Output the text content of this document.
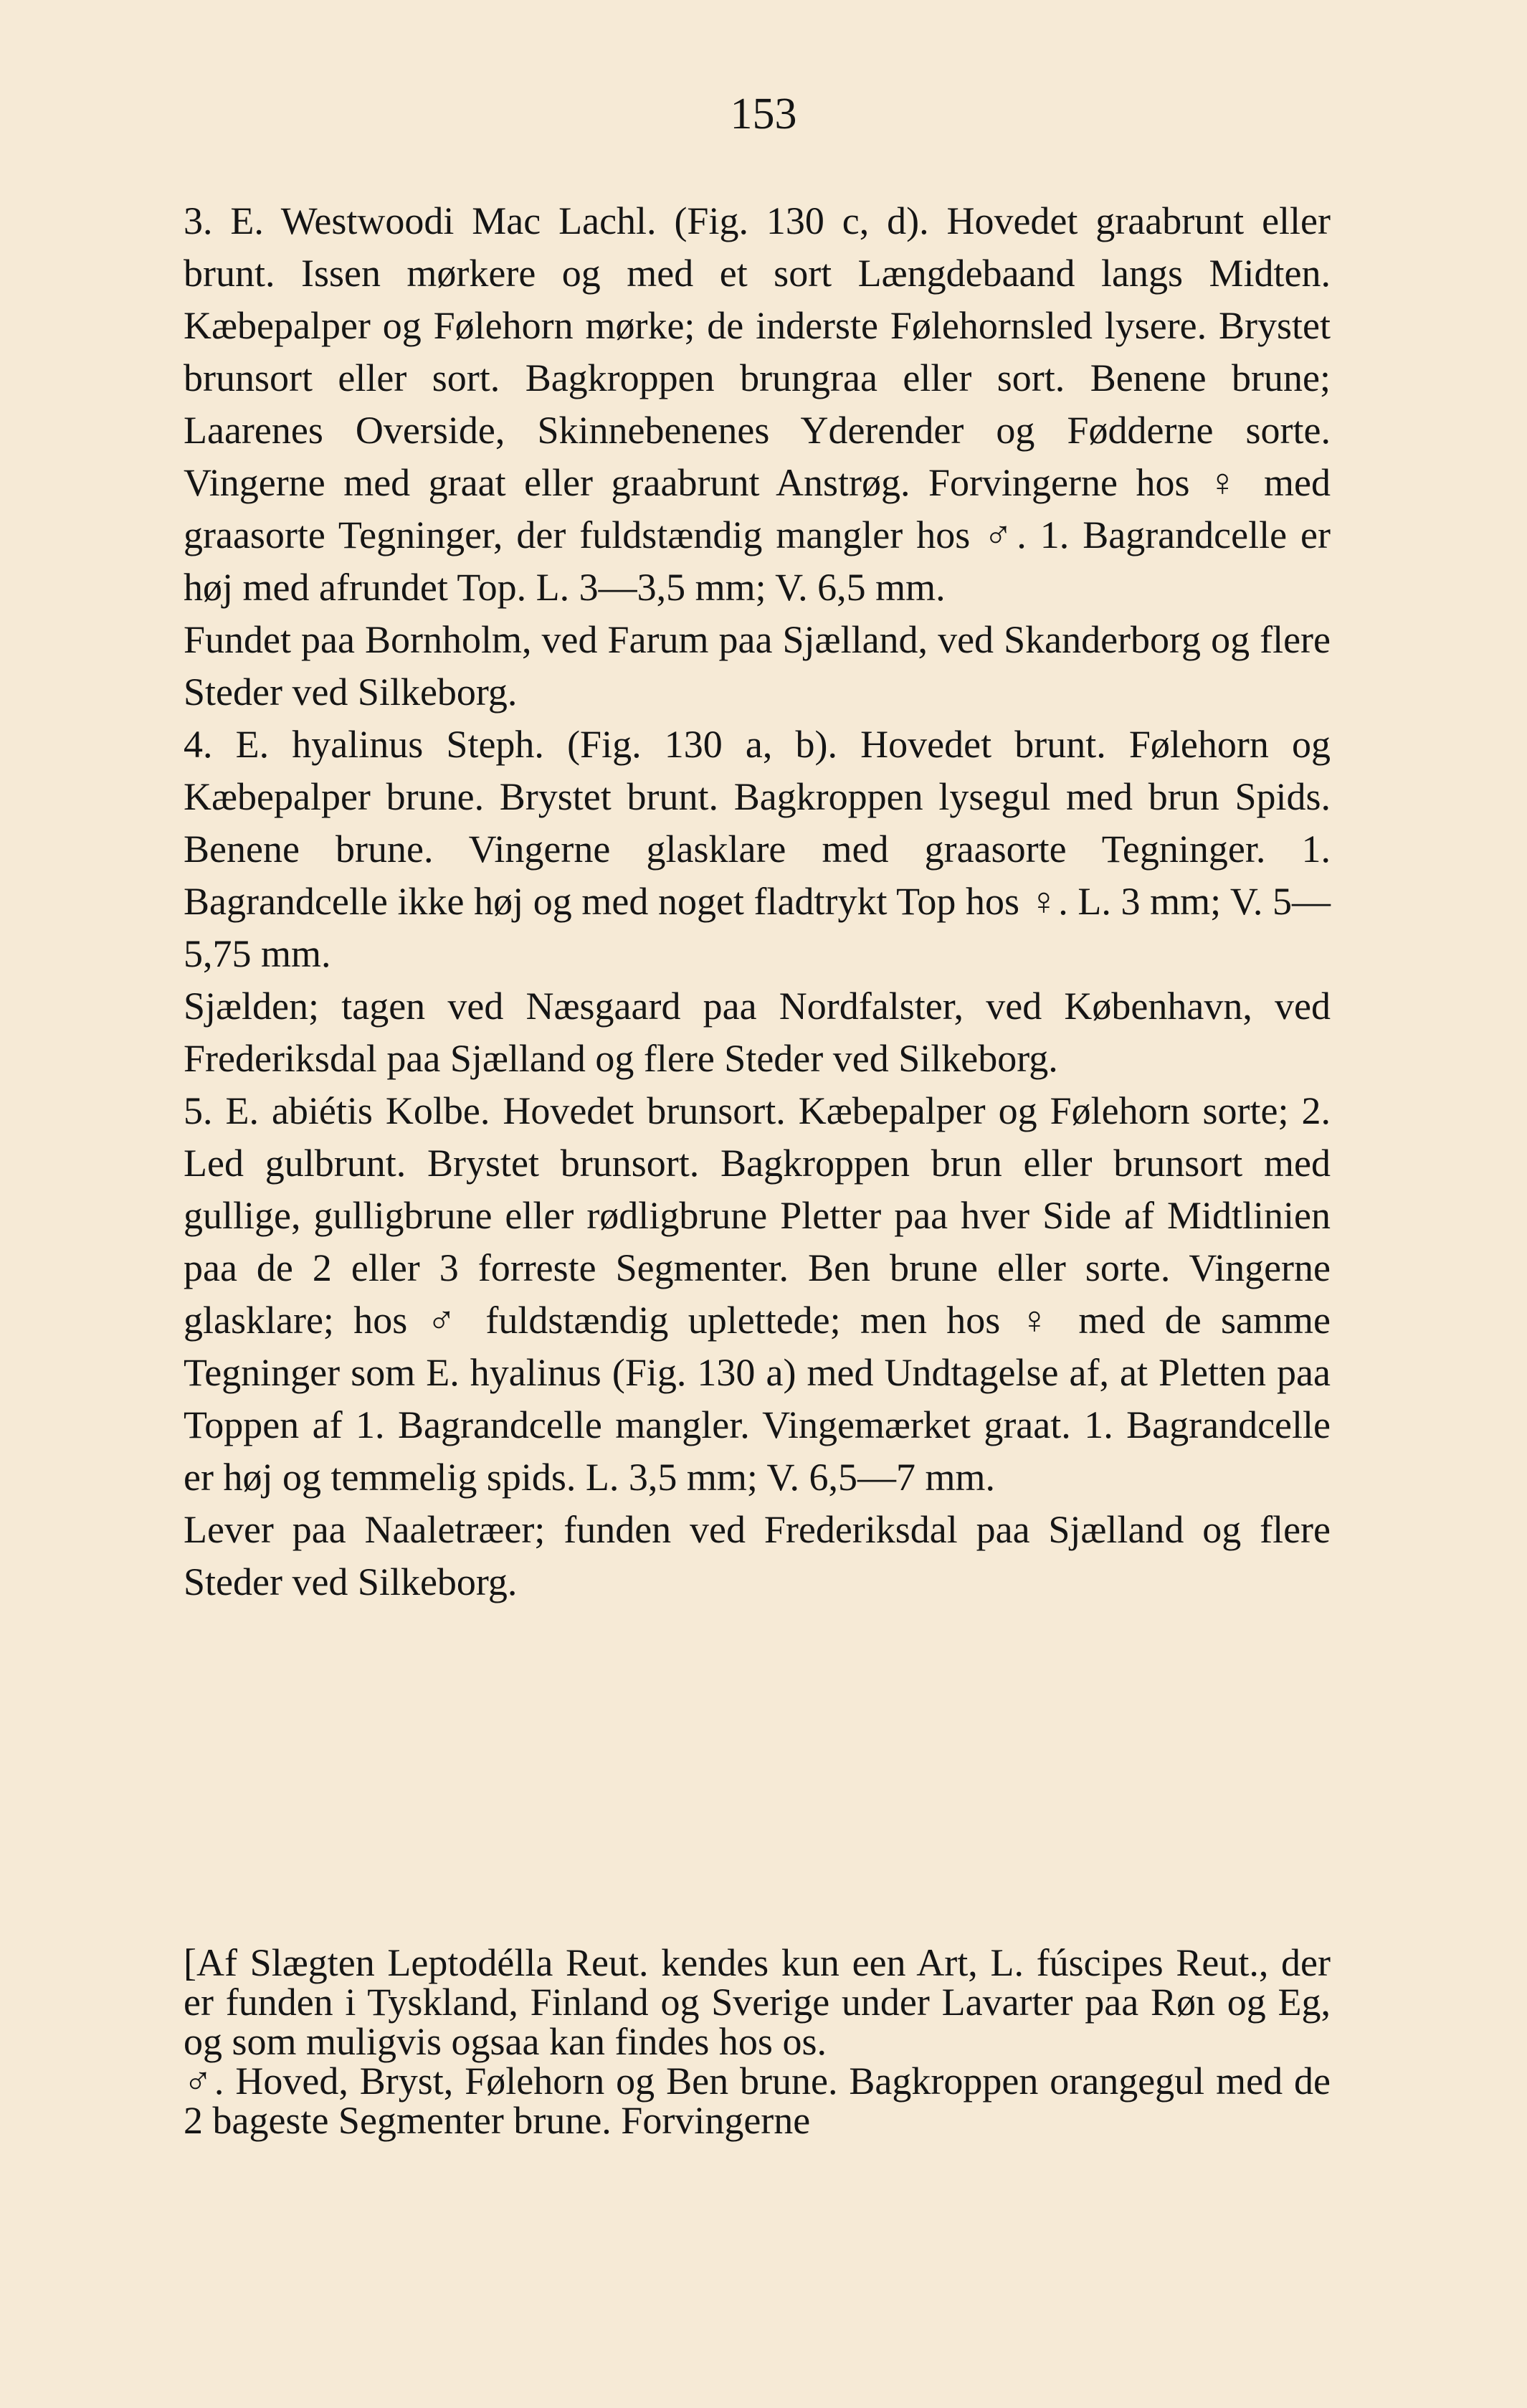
153

3. E. Westwoodi Mac Lachl. (Fig. 130 c, d). Hovedet graabrunt eller brunt. Issen mørkere og med et sort Længdebaand langs Midten. Kæbepalper og Følehorn mørke; de inderste Følehornsled lysere. Brystet brunsort eller sort. Bagkroppen brungraa eller sort. Benene brune; Laarenes Overside, Skinnebenenes Yderender og Fødderne sorte. Vingerne med graat eller graabrunt Anstrøg. Forvingerne hos ♀ med graasorte Tegninger, der fuldstændig mangler hos ♂. 1. Bagrandcelle er høj med afrundet Top. L. 3—3,5 mm; V. 6,5 mm.

Fundet paa Bornholm, ved Farum paa Sjælland, ved Skanderborg og flere Steder ved Silkeborg.

4. E. hyalinus Steph. (Fig. 130 a, b). Hovedet brunt. Følehorn og Kæbepalper brune. Brystet brunt. Bagkroppen lysegul med brun Spids. Benene brune. Vingerne glasklare med graasorte Tegninger. 1. Bagrandcelle ikke høj og med noget fladtrykt Top hos ♀. L. 3 mm; V. 5—5,75 mm.

Sjælden; tagen ved Næsgaard paa Nordfalster, ved København, ved Frederiksdal paa Sjælland og flere Steder ved Silkeborg.

5. E. abiétis Kolbe. Hovedet brunsort. Kæbepalper og Følehorn sorte; 2. Led gulbrunt. Brystet brunsort. Bagkroppen brun eller brunsort med gullige, gulligbrune eller rødligbrune Pletter paa hver Side af Midtlinien paa de 2 eller 3 forreste Segmenter. Ben brune eller sorte. Vingerne glasklare; hos ♂ fuldstændig uplettede; men hos ♀ med de samme Tegninger som E. hyalinus (Fig. 130 a) med Undtagelse af, at Pletten paa Toppen af 1. Bagrandcelle mangler. Vingemærket graat. 1. Bagrandcelle er høj og temmelig spids. L. 3,5 mm; V. 6,5—7 mm.

Lever paa Naaletræer; funden ved Frederiksdal paa Sjælland og flere Steder ved Silkeborg.

[Af Slægten Leptodélla Reut. kendes kun een Art, L. fúscipes Reut., der er funden i Tyskland, Finland og Sverige under Lavarter paa Røn og Eg, og som muligvis ogsaa kan findes hos os.

♂. Hoved, Bryst, Følehorn og Ben brune. Bagkroppen orangegul med de 2 bageste Segmenter brune. Forvingerne
